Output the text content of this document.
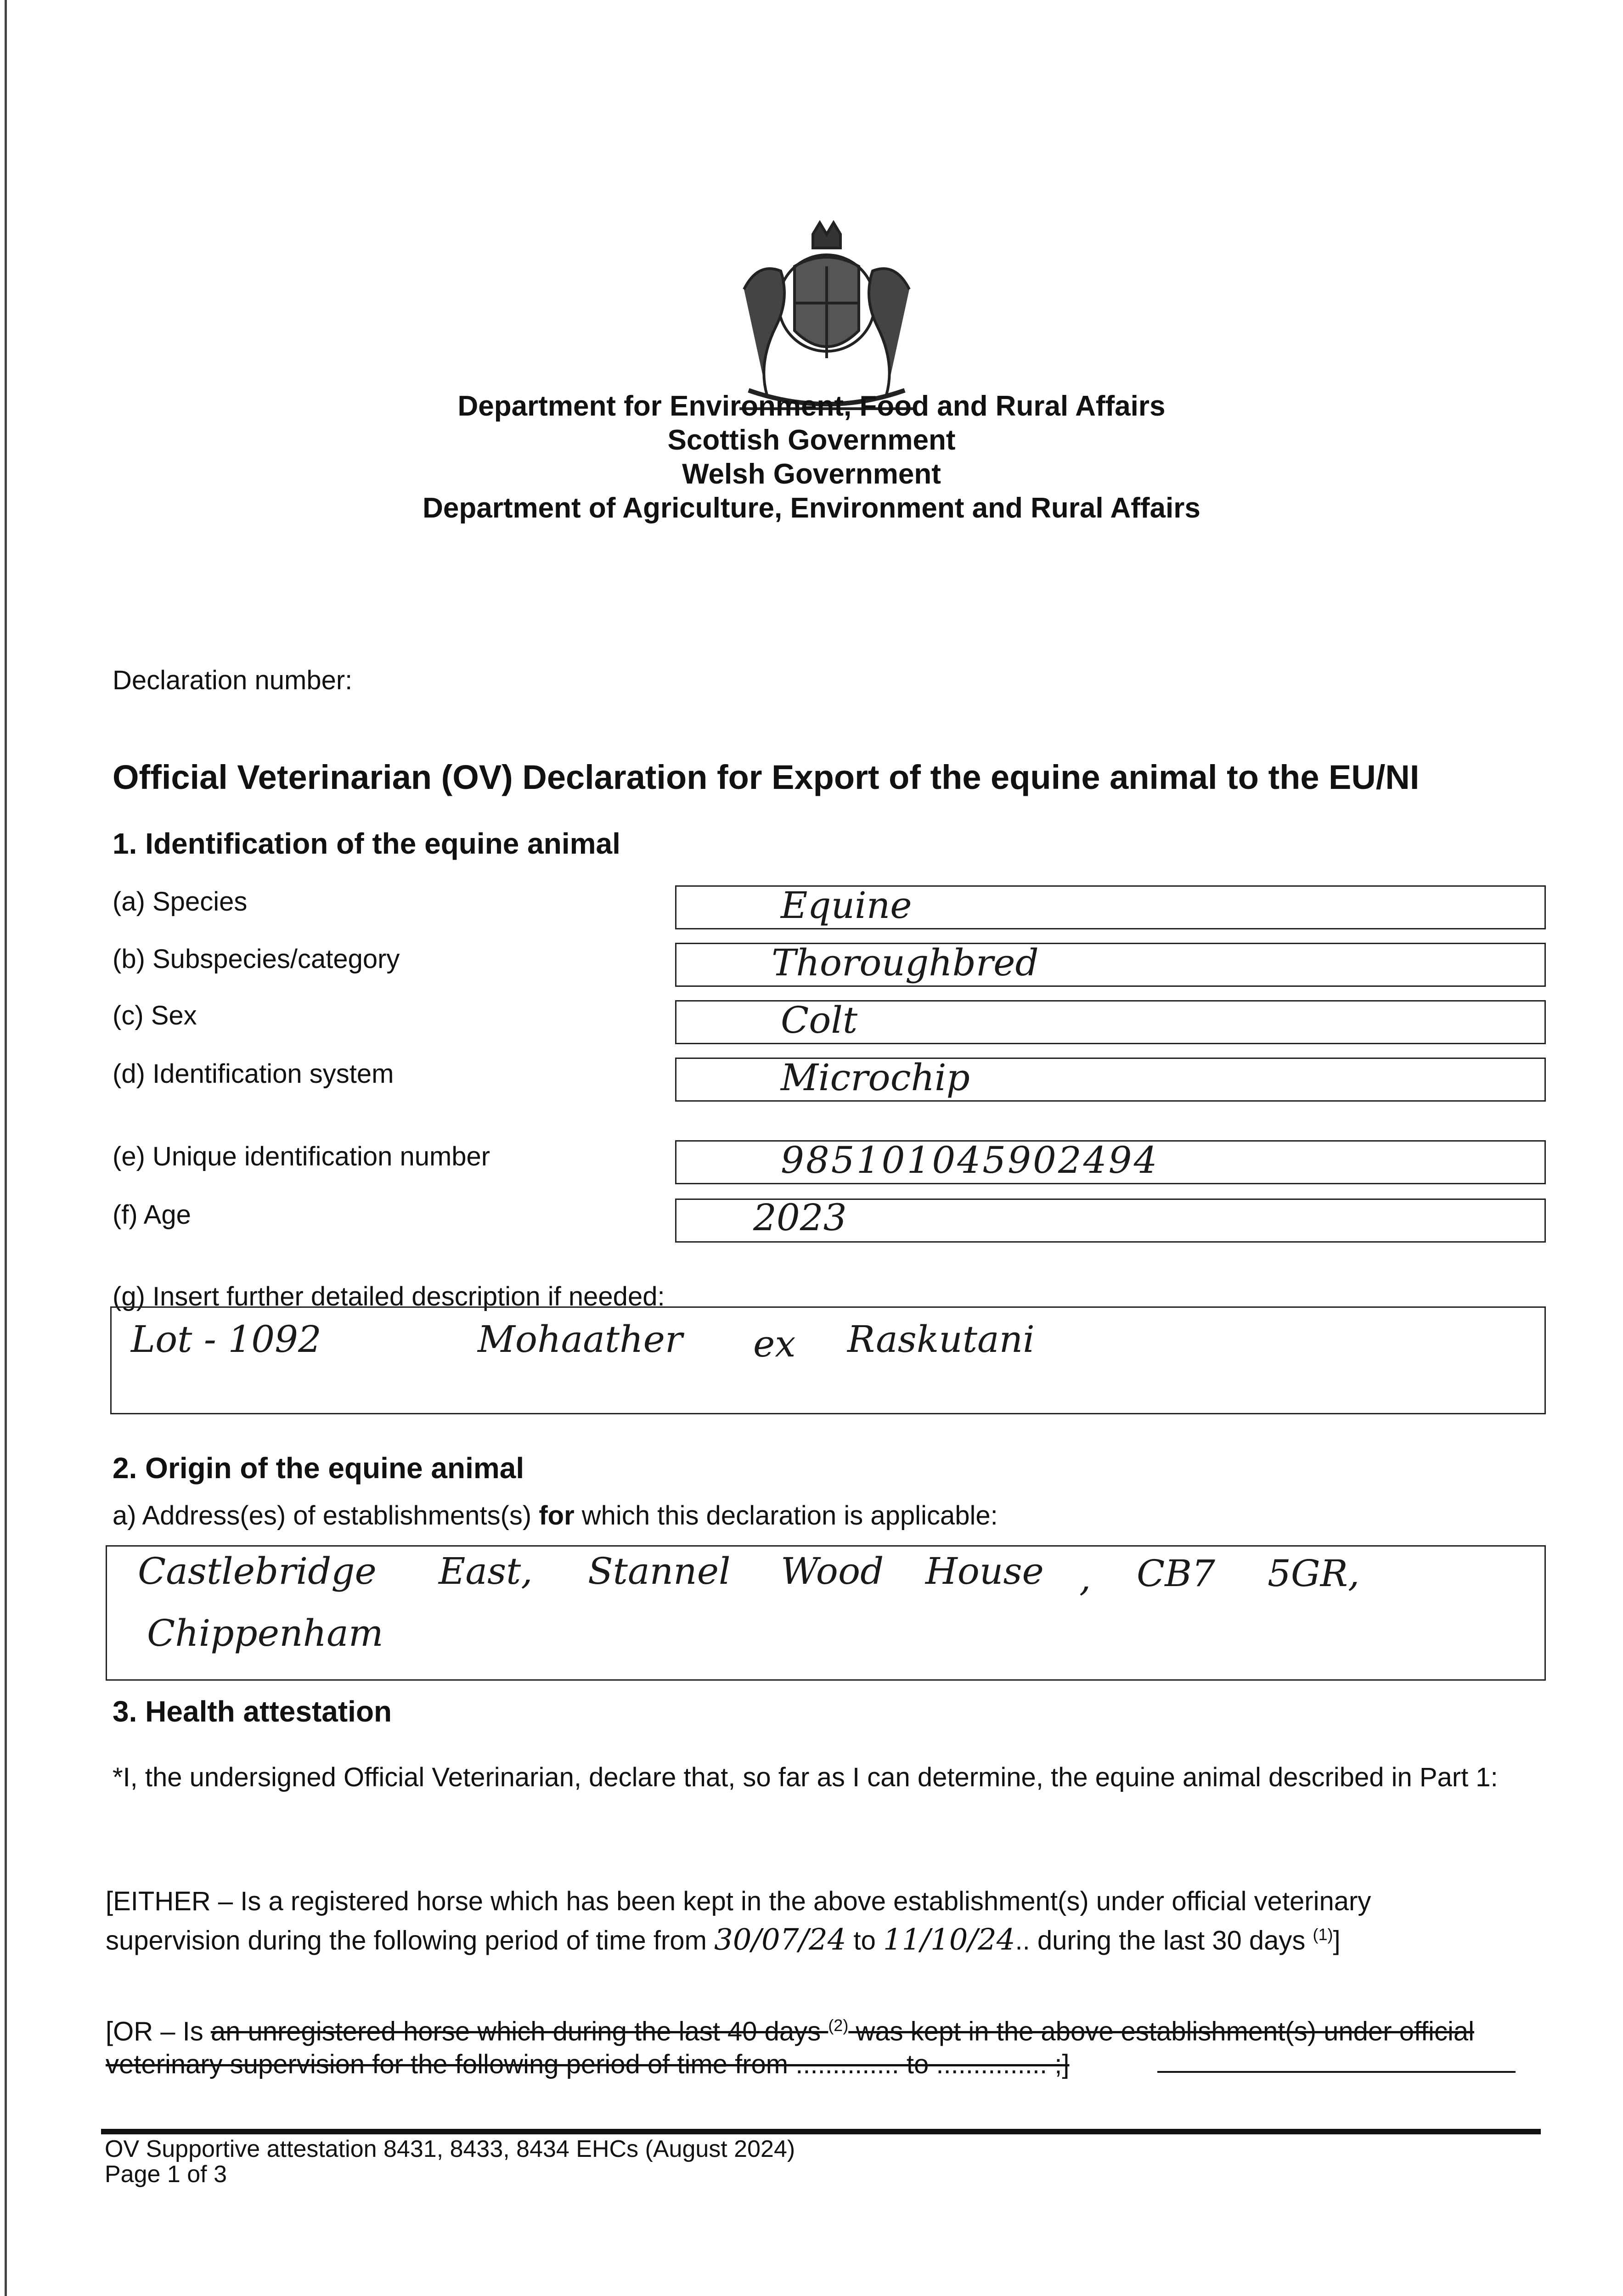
Department for Environment, Food and Rural Affairs
Scottish Government
Welsh Government
Department of Agriculture, Environment and Rural Affairs
Declaration number:
Official Veterinarian (OV) Declaration for Export of the equine animal to the EU/NI
1. Identification of the equine animal
(a) Species	Equine
(b) Subspecies/category	Thoroughbred
(c) Sex	Colt
(d) Identification system	Microchip
(e) Unique identification number	985101045902494
(f) Age	2023
(g) Insert further detailed description if needed:
Lot - 1092	Mohaather ex Raskutani
2. Origin of the equine animal
a) Address(es) of establishments(s) for which this declaration is applicable:
Castlebridge East, Stannel Wood House , CB7 5GR,
Chippenham
3. Health attestation
*I, the undersigned Official Veterinarian, declare that, so far as I can determine, the equine animal described in Part 1:
[EITHER – Is a registered horse which has been kept in the above establishment(s) under official veterinary
supervision during the following period of time from 30/07/24 to 11/10/24.. during the last 30 days $^{(1)}$]
[OR – Is an unregistered horse which during the last 40 days $^{(2)}$ was kept in the above establishment(s) under official
veterinary supervision for the following period of time from .............. to ............... ;]
OV Supportive attestation 8431, 8433, 8434 EHCs (August 2024)
Page 1 of 3
